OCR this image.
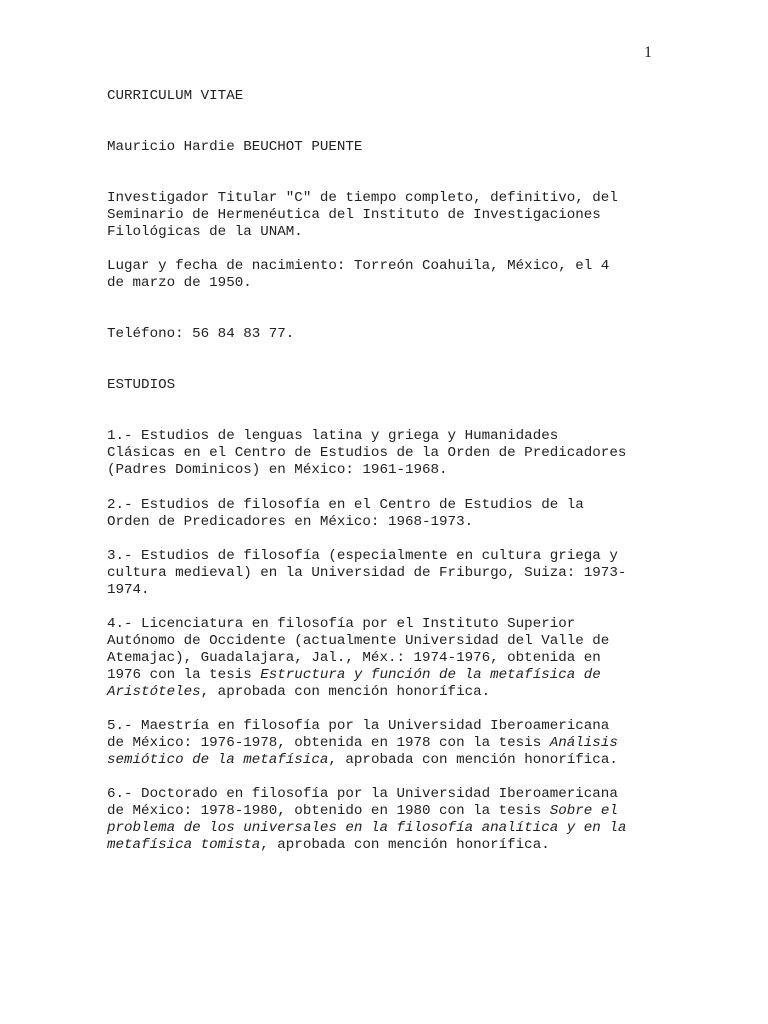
1
CURRICULUM VITAE
Mauricio Hardie BEUCHOT PUENTE
Investigador Titular "C" de tiempo completo, definitivo, del
Seminario de Hermenéutica del Instituto de Investigaciones
Filológicas de la UNAM.
Lugar y fecha de nacimiento: Torreón Coahuila, México, el 4
de marzo de 1950.
Teléfono: 56 84 83 77.
ESTUDIOS
1.- Estudios de lenguas latina y griega y Humanidades
Clásicas en el Centro de Estudios de la Orden de Predicadores
(Padres Dominicos) en México: 1961-1968.
2.- Estudios de filosofía en el Centro de Estudios de la
Orden de Predicadores en México: 1968-1973.
3.- Estudios de filosofía (especialmente en cultura griega y
cultura medieval) en la Universidad de Friburgo, Suiza: 1973-
1974.
4.- Licenciatura en filosofía por el Instituto Superior
Autónomo de Occidente (actualmente Universidad del Valle de
Atemajac), Guadalajara, Jal., Méx.: 1974-1976, obtenida en
1976 con la tesis Estructura y función de la metafísica de
Aristóteles, aprobada con mención honorífica.
5.- Maestría en filosofía por la Universidad Iberoamericana
de México: 1976-1978, obtenida en 1978 con la tesis Análisis
semiótico de la metafísica, aprobada con mención honorífica.
6.- Doctorado en filosofía por la Universidad Iberoamericana
de México: 1978-1980, obtenido en 1980 con la tesis Sobre el
problema de los universales en la filosofía analítica y en la
metafísica tomista, aprobada con mención honorífica.
